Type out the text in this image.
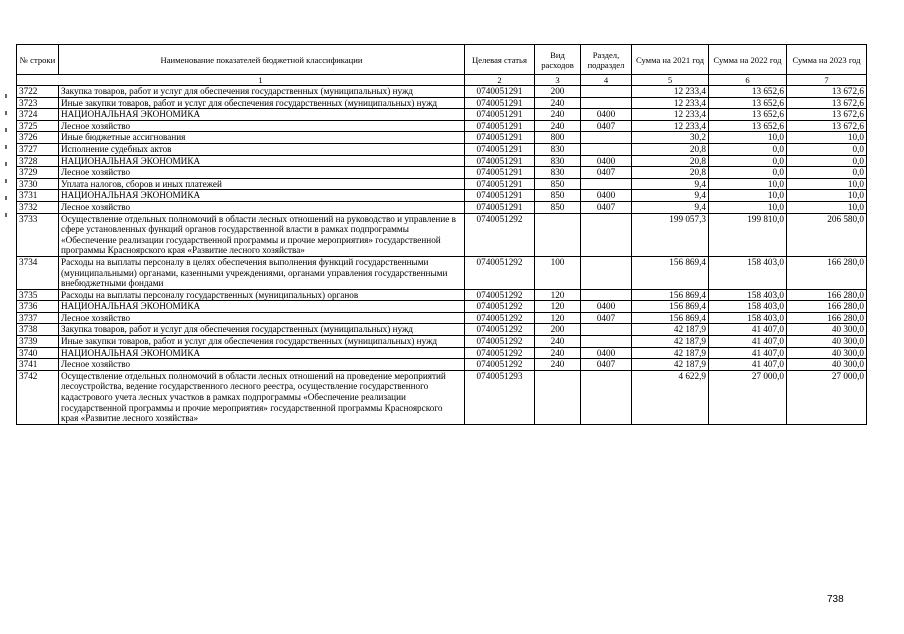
№ строки	Наименование показателей бюджетной классификации	Целевая статья	Вид расходов	Раздел, подраздел	Сумма на 2021 год	Сумма на 2022 год	Сумма на 2023 год
1		2	3	4	5	6	7
3722	Закупка товаров, работ и услуг для обеспечения государственных (муниципальных) нужд	0740051291	200		12 233,4	13 652,6	13 672,6
3723	Иные закупки товаров, работ и услуг для обеспечения государственных (муниципальных) нужд	0740051291	240		12 233,4	13 652,6	13 672,6
3724	НАЦИОНАЛЬНАЯ ЭКОНОМИКА	0740051291	240	0400	12 233,4	13 652,6	13 672,6
3725	Лесное хозяйство	0740051291	240	0407	12 233,4	13 652,6	13 672,6
3726	Иные бюджетные ассигнования	0740051291	800		30,2	10,0	10,0
3727	Исполнение судебных актов	0740051291	830		20,8	0,0	0,0
3728	НАЦИОНАЛЬНАЯ ЭКОНОМИКА	0740051291	830	0400	20,8	0,0	0,0
3729	Лесное хозяйство	0740051291	830	0407	20,8	0,0	0,0
3730	Уплата налогов, сборов и иных платежей	0740051291	850		9,4	10,0	10,0
3731	НАЦИОНАЛЬНАЯ ЭКОНОМИКА	0740051291	850	0400	9,4	10,0	10,0
3732	Лесное хозяйство	0740051291	850	0407	9,4	10,0	10,0
3733	Осуществление отдельных полномочий в области лесных отношений на руководство и управление в сфере установленных функций органов государственной власти в рамках подпрограммы «Обеспечение реализации государственной программы и прочие мероприятия» государственной программы Красноярского края «Развитие лесного хозяйства»	0740051292			199 057,3	199 810,0	206 580,0
3734	Расходы на выплаты персоналу в целях обеспечения выполнения функций государственными (муниципальными) органами, казенными учреждениями, органами управления государственными внебюджетными фондами	0740051292	100		156 869,4	158 403,0	166 280,0
3735	Расходы на выплаты персоналу государственных (муниципальных) органов	0740051292	120		156 869,4	158 403,0	166 280,0
3736	НАЦИОНАЛЬНАЯ ЭКОНОМИКА	0740051292	120	0400	156 869,4	158 403,0	166 280,0
3737	Лесное хозяйство	0740051292	120	0407	156 869,4	158 403,0	166 280,0
3738	Закупка товаров, работ и услуг для обеспечения государственных (муниципальных) нужд	0740051292	200		42 187,9	41 407,0	40 300,0
3739	Иные закупки товаров, работ и услуг для обеспечения государственных (муниципальных) нужд	0740051292	240		42 187,9	41 407,0	40 300,0
3740	НАЦИОНАЛЬНАЯ ЭКОНОМИКА	0740051292	240	0400	42 187,9	41 407,0	40 300,0
3741	Лесное хозяйство	0740051292	240	0407	42 187,9	41 407,0	40 300,0
3742	Осуществление отдельных полномочий в области лесных отношений на проведение мероприятий лесоустройства, ведение государственного лесного реестра, осуществление государственного кадастрового учета лесных участков в рамках подпрограммы «Обеспечение реализации государственной программы и прочие мероприятия» государственной программы Красноярского края «Развитие лесного хозяйства»	0740051293			4 622,9	27 000,0	27 000,0
738
